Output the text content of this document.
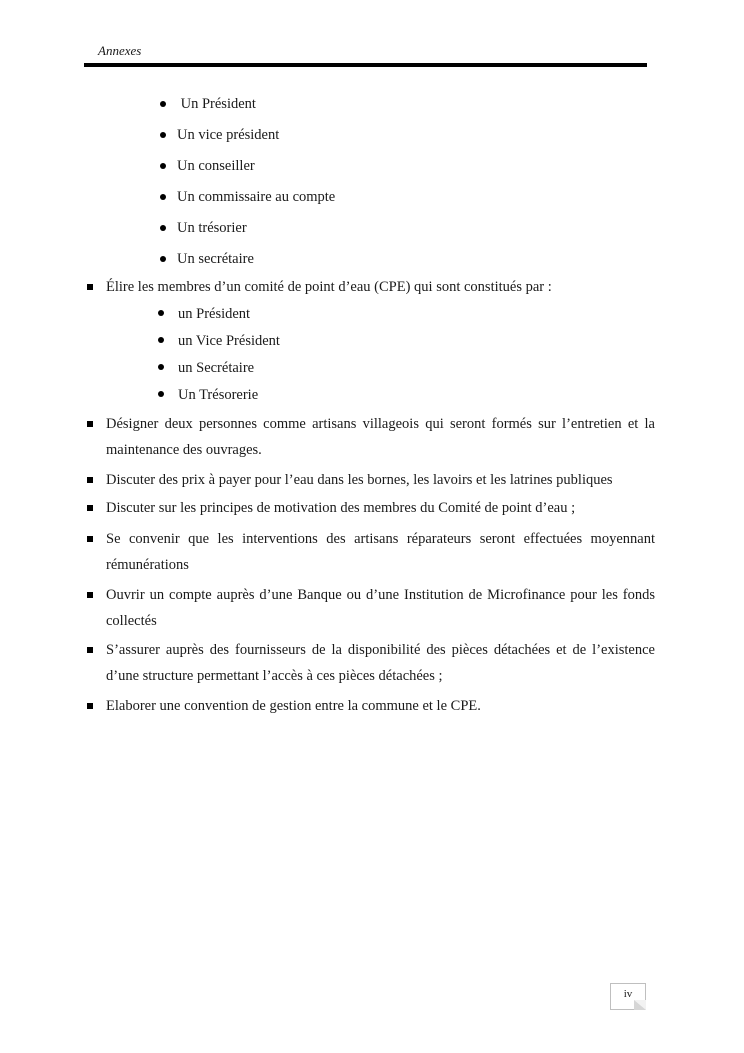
Annexes
Un Président
Un vice président
Un conseiller
Un commissaire au compte
Un trésorier
Un secrétaire
Élire les membres d’un comité de point d’eau (CPE) qui sont constitués par :
un Président
un Vice Président
un Secrétaire
Un Trésorerie
Désigner deux personnes comme artisans villageois qui seront formés sur l’entretien et la maintenance des ouvrages.
Discuter des prix à payer pour l’eau dans les bornes, les lavoirs et les latrines publiques
Discuter sur les principes de motivation des membres du Comité de point d’eau ;
Se convenir que les interventions des artisans réparateurs seront effectuées moyennant rémunérations
Ouvrir un compte auprès d’une Banque ou d’une Institution de Microfinance pour les fonds collectés
S’assurer auprès des fournisseurs de la disponibilité des pièces détachées et de l’existence d’une structure permettant l’accès à ces pièces détachées ;
Elaborer une convention de gestion entre la commune et le CPE.
iv
